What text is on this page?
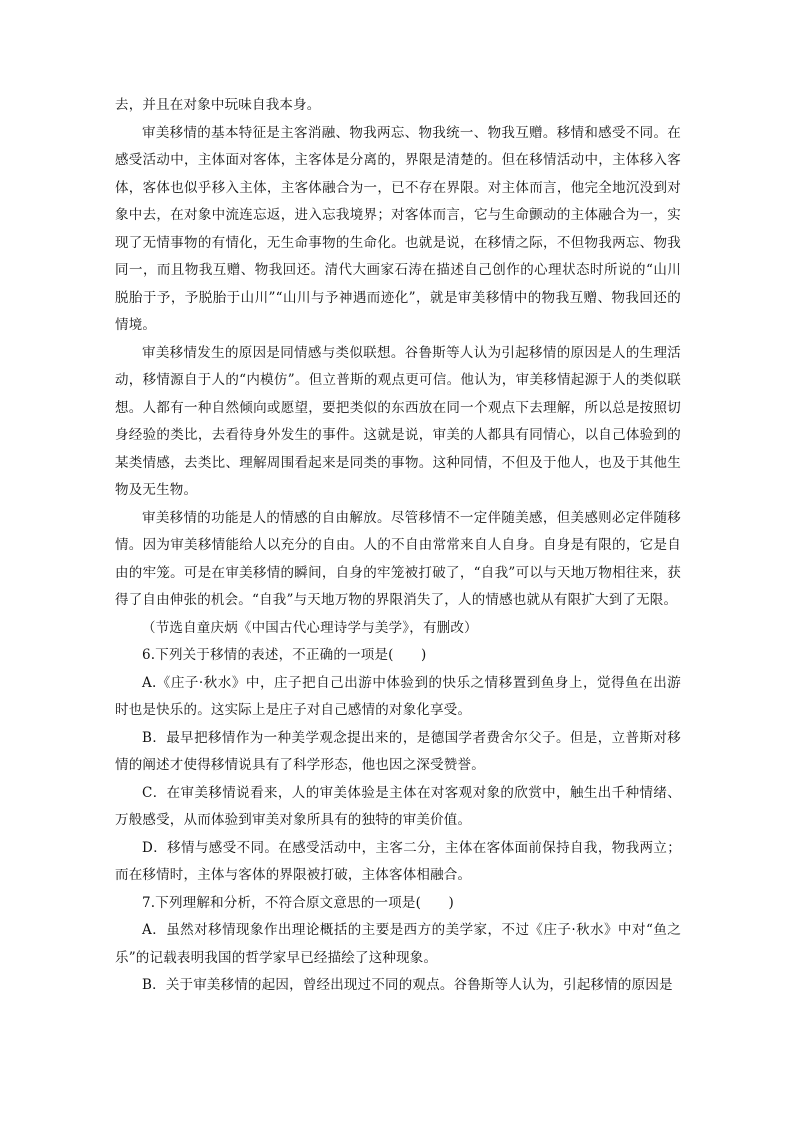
去，并且在对象中玩味自我本身。

审美移情的基本特征是主客消融、物我两忘、物我统一、物我互赠。移情和感受不同。在感受活动中，主体面对客体，主客体是分离的，界限是清楚的。但在移情活动中，主体移入客体，客体也似乎移入主体，主客体融合为一，已不存在界限。对主体而言，他完全地沉没到对象中去，在对象中流连忘返，进入忘我境界；对客体而言，它与生命颤动的主体融合为一，实现了无情事物的有情化，无生命事物的生命化。也就是说，在移情之际，不但物我两忘、物我同一，而且物我互赠、物我回还。清代大画家石涛在描述自己创作的心理状态时所说的“山川脱胎于予，予脱胎于山川”“山川与予神遇而迹化”，就是审美移情中的物我互赠、物我回还的情境。

审美移情发生的原因是同情感与类似联想。谷鲁斯等人认为引起移情的原因是人的生理活动，移情源自于人的“内模仿”。但立普斯的观点更可信。他认为，审美移情起源于人的类似联想。人都有一种自然倾向或愿望，要把类似的东西放在同一个观点下去理解，所以总是按照切身经验的类比，去看待身外发生的事件。这就是说，审美的人都具有同情心，以自己体验到的某类情感，去类比、理解周围看起来是同类的事物。这种同情，不但及于他人，也及于其他生物及无生物。

审美移情的功能是人的情感的自由解放。尽管移情不一定伴随美感，但美感则必定伴随移情。因为审美移情能给人以充分的自由。人的不自由常常来自人自身。自身是有限的，它是自由的牢笼。可是在审美移情的瞬间，自身的牢笼被打破了，“自我”可以与天地万物相往来，获得了自由伸张的机会。“自我”与天地万物的界限消失了，人的情感也就从有限扩大到了无限。

（节选自童庆炳《中国古代心理诗学与美学》，有删改）

6.下列关于移情的表述，不正确的一项是(　　)

A.《庄子·秋水》中，庄子把自己出游中体验到的快乐之情移置到鱼身上，觉得鱼在出游时也是快乐的。这实际上是庄子对自己感情的对象化享受。

B．最早把移情作为一种美学观念提出来的，是德国学者费舍尔父子。但是，立普斯对移情的阐述才使得移情说具有了科学形态，他也因之深受赞誉。

C．在审美移情说看来，人的审美体验是主体在对客观对象的欣赏中，触生出千种情绪、万般感受，从而体验到审美对象所具有的独特的审美价值。

D．移情与感受不同。在感受活动中，主客二分，主体在客体面前保持自我，物我两立；而在移情时，主体与客体的界限被打破，主体客体相融合。

7.下列理解和分析，不符合原文意思的一项是(　　)

A．虽然对移情现象作出理论概括的主要是西方的美学家，不过《庄子·秋水》中对“鱼之乐”的记载表明我国的哲学家早已经描绘了这种现象。

B．关于审美移情的起因，曾经出现过不同的观点。谷鲁斯等人认为，引起移情的原因是
